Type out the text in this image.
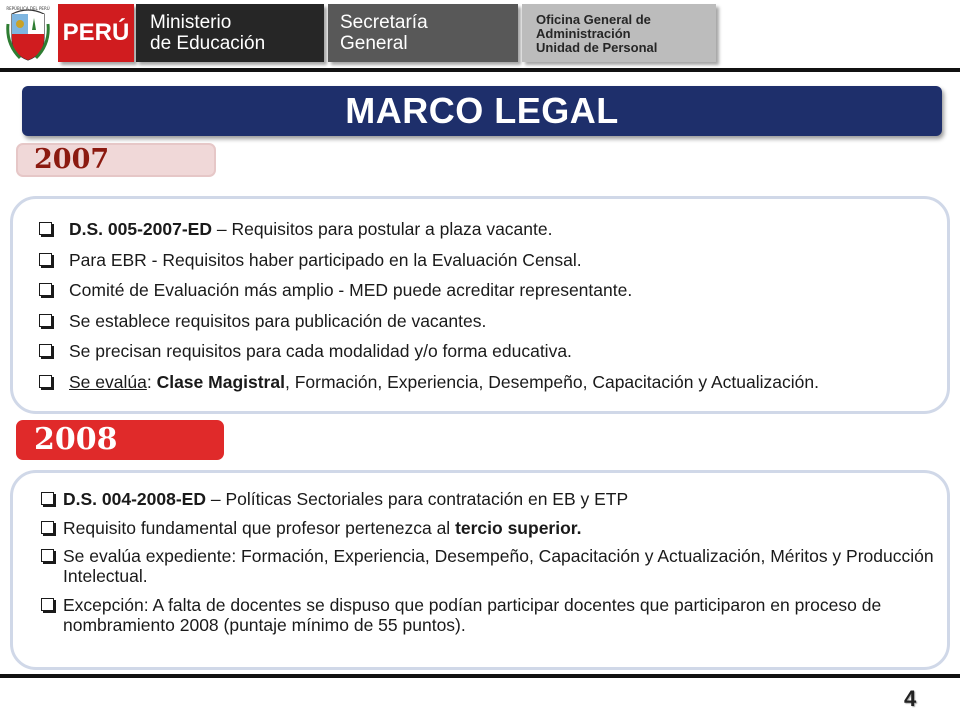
REPÚBLICA DEL PERÚ
PERÚ Ministerio
de Educación
Secretaría
General
Oficina General de
Administración
Unidad de Personal
MARCO LEGAL
2007
D.S. 005-2007-ED – Requisitos para postular a plaza vacante.
Para EBR - Requisitos haber participado en la Evaluación Censal.
Comité de Evaluación más amplio - MED puede acreditar representante.
Se establece requisitos para publicación de vacantes.
Se precisan requisitos para cada modalidad y/o forma educativa.
Se evalúa: Clase Magistral, Formación, Experiencia, Desempeño, Capacitación y Actualización.
2008
D.S. 004-2008-ED – Políticas Sectoriales para contratación en EB y ETP
Requisito fundamental que profesor pertenezca al tercio superior.
Se evalúa expediente: Formación, Experiencia, Desempeño, Capacitación y Actualización, Méritos y Producción Intelectual.
Excepción: A falta de docentes se dispuso que podían participar docentes que participaron en proceso de nombramiento 2008 (puntaje mínimo de 55 puntos).
4
